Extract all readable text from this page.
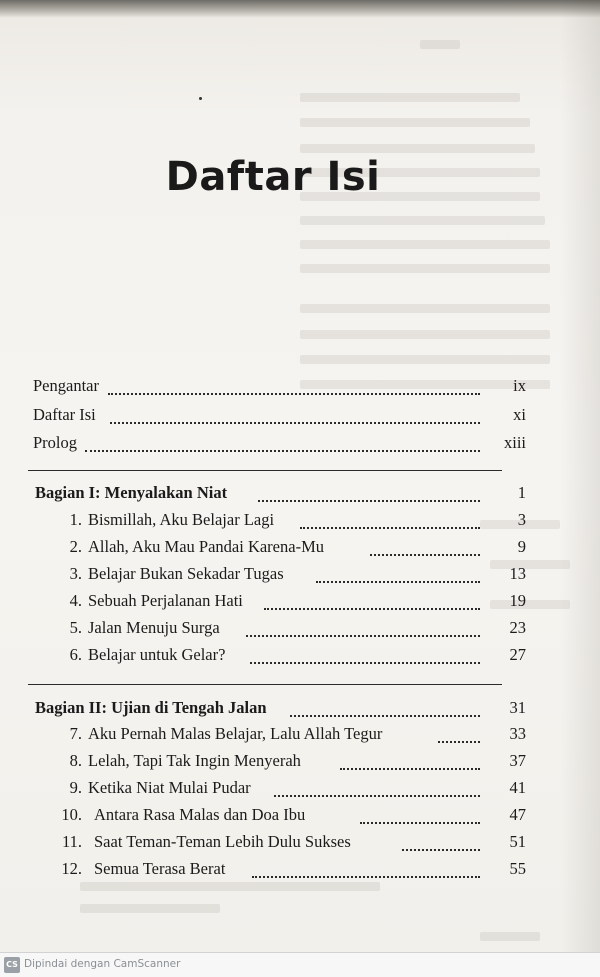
Daftar Isi
Pengantar	ix
Daftar Isi	xi
Prolog	xiii
Bagian I: Menyalakan Niat	1
1. Bismillah, Aku Belajar Lagi	3
2. Allah, Aku Mau Pandai Karena-Mu	9
3. Belajar Bukan Sekadar Tugas	13
4. Sebuah Perjalanan Hati	19
5. Jalan Menuju Surga	23
6. Belajar untuk Gelar?	27
Bagian II: Ujian di Tengah Jalan	31
7. Aku Pernah Malas Belajar, Lalu Allah Tegur	33
8. Lelah, Tapi Tak Ingin Menyerah	37
9. Ketika Niat Mulai Pudar	41
10. Antara Rasa Malas dan Doa Ibu	47
11. Saat Teman-Teman Lebih Dulu Sukses	51
12. Semua Terasa Berat	55
CS Dipindai dengan CamScanner
